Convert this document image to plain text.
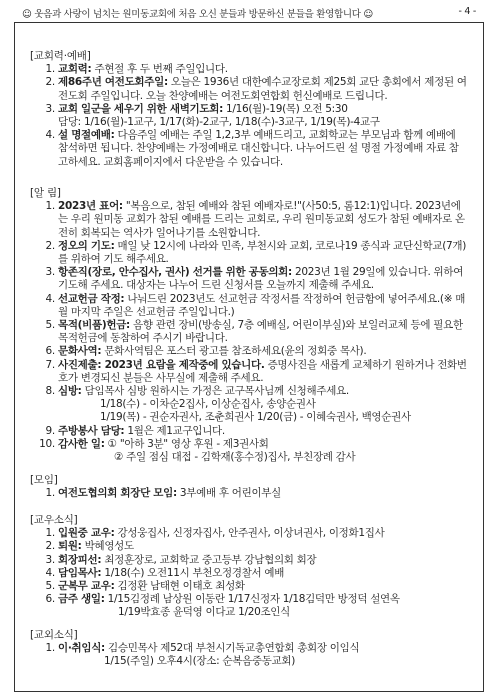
☺ 웃음과 사랑이 넘치는 원미동교회에 처음 오신 분들과 방문하신 분들을 환영합니다 ☺	- 4 -
[교회력·예배]
1. 교회력: 주현절 후 두 번째 주일입니다.
2. 제86주년 여전도회주일: 오늘은 1936년 대한예수교장로회 제25회 교단 총회에서 제정된 여전도회 주일입니다. 오늘 찬양예배는 여전도회연합회 헌신예배로 드립니다.
3. 교회 일군을 세우기 위한 새벽기도회: 1/16(월)-19(목) 오전 5:30
담당: 1/16(월)-1교구, 1/17(화)-2교구, 1/18(수)-3교구, 1/19(목)-4교구
4. 설 명절예배: 다음주일 예배는 주일 1,2,3부 예배드리고, 교회학교는 부모님과 함께 예배에 참석하면 됩니다. 찬양예배는 가정예배로 대신합니다. 나누어드린 설 명절 가정예배 자료 참고하세요. 교회홈페이지에서 다운받을 수 있습니다.
[알 림]
1. 2023년 표어: "복음으로, 참된 예배와 참된 예배자로!"(사50:5, 롬12:1)입니다. 2023년에는 우리 원미동 교회가 참된 예배를 드리는 교회로, 우리 원미동교회 성도가 참된 예배자로 온전히 회복되는 역사가 일어나기를 소원합니다.
2. 정오의 기도: 매일 낮 12시에 나라와 민족, 부천시와 교회, 코로나19 종식과 교단신학교(7개)를 위하여 기도 해주세요.
3. 항존직(장로, 안수집사, 권사) 선거를 위한 공동의회: 2023년 1월 29일에 있습니다. 위하여 기도해 주세요. 대상자는 나누어 드린 신청서를 오늘까지 제출해 주세요.
4. 선교헌금 작정: 나눠드린 2023년도 선교헌금 작정서를 작정하여 헌금함에 넣어주세요.(※ 매월 마지막 주일은 선교헌금 주일입니다.)
5. 목적(비품)헌금: 음향 관련 장비(방송실, 7층 예배실, 어린이부실)와 보일러교체 등에 필요한 목적헌금에 동참하여 주시기 바랍니다.
6. 문화사역: 문화사역팀은 포스터 광고를 참조하세요(윤의 정회중 목사).
7. 사진제출: 2023년 요람을 제작중에 있습니다. 증명사진을 새롭게 교체하기 원하거나 전화번호가 변경되신 분들은 사무실에 제출해 주세요.
8. 심방: 담임목사 심방 원하시는 가정은 교구목사님께 신청해주세요.
1/18(수) - 이차순2집사, 이상순집사, 송양순권사
1/19(목) - 권순자권사, 조춘희권사 1/20(금) - 이혜숙권사, 백영순권사
9. 주방봉사 담당: 1월은 제1교구입니다.
10. 감사한 일: ① "아하 3분" 영상 후원 - 제3권사회
② 주일 점심 대접 - 김학재(홍수정)집사, 부친장례 감사
[모임]
1. 여전도협의회 회장단 모임: 3부예배 후 어린이부실
[교우소식]
1. 입원중 교우: 강성웅집사, 신정자집사, 안주권사, 이상녀권사, 이정화1집사
2. 퇴원: 박혜영성도
3. 회장피선: 최정훈장로, 교회학교 중고등부 강남협의회 회장
4. 담임목사: 1/18(수) 오전11시 부천오정경찰서 예배
5. 군복무 교우: 김정환 남태현 이태호 최성화
6. 금주 생일: 1/15김정례 남상원 이동란 1/17신정자 1/18김덕만 방정덕 설연옥
1/19박효종 윤덕영 이다교 1/20조인식
[교외소식]
1. 이·취임식: 김승민목사 제52대 부천시기독교총연합회 총회장 이임식
1/15(주일) 오후4시(장소: 순복음중동교회)
